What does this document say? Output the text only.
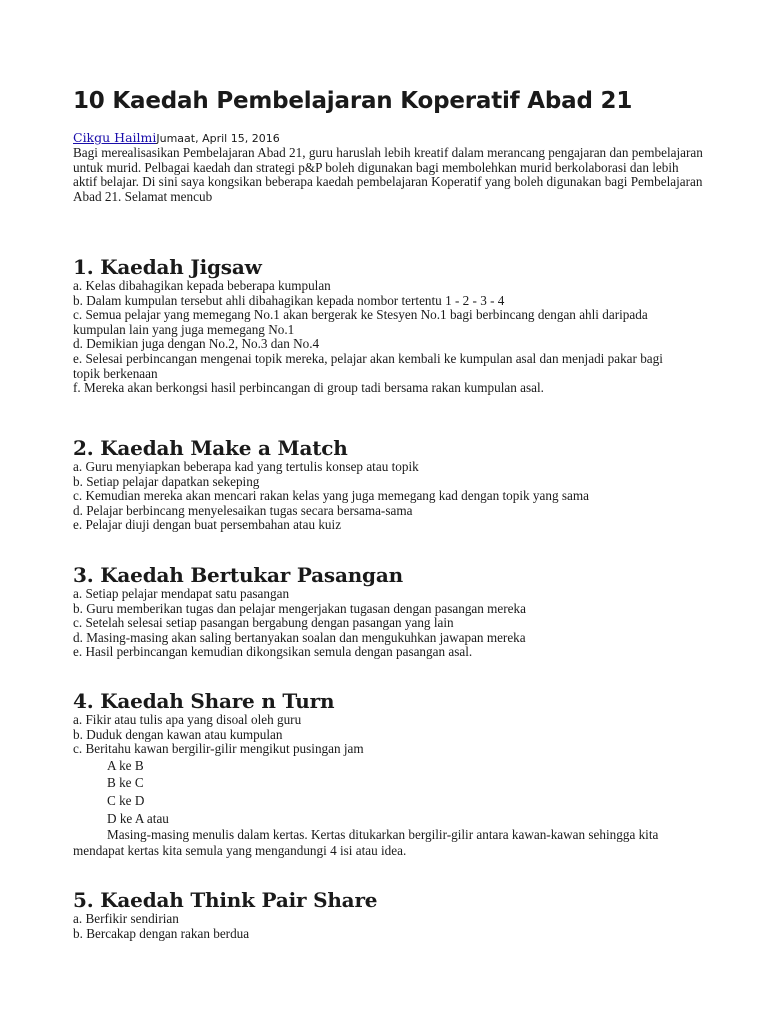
10 Kaedah Pembelajaran Koperatif Abad 21
Cikgu HailmiJumaat, April 15, 2016
Bagi merealisasikan Pembelajaran Abad 21, guru haruslah lebih kreatif dalam merancang pengajaran dan pembelajaran untuk murid. Pelbagai kaedah dan strategi p&P boleh digunakan bagi membolehkan murid berkolaborasi dan lebih aktif belajar. Di sini saya kongsikan beberapa kaedah pembelajaran Koperatif yang boleh digunakan bagi Pembelajaran Abad 21. Selamat mencub
1. Kaedah Jigsaw
a. Kelas dibahagikan kepada beberapa kumpulan
b. Dalam kumpulan tersebut ahli dibahagikan kepada nombor tertentu 1 - 2 - 3 - 4
c. Semua pelajar yang memegang No.1 akan bergerak ke Stesyen No.1 bagi berbincang dengan ahli daripada kumpulan lain yang juga memegang No.1
d. Demikian juga dengan No.2, No.3 dan No.4
e. Selesai perbincangan mengenai topik mereka, pelajar akan kembali ke kumpulan asal dan menjadi pakar bagi topik berkenaan
f. Mereka akan berkongsi hasil perbincangan di group tadi bersama rakan kumpulan asal.
2. Kaedah Make a Match
a. Guru menyiapkan beberapa kad yang tertulis konsep atau topik
b. Setiap pelajar dapatkan sekeping
c. Kemudian mereka akan mencari rakan kelas yang juga memegang kad dengan topik yang sama
d. Pelajar berbincang menyelesaikan tugas secara bersama-sama
e. Pelajar diuji dengan buat persembahan atau kuiz
3. Kaedah Bertukar Pasangan
a. Setiap pelajar mendapat satu pasangan
b. Guru memberikan tugas dan pelajar mengerjakan tugasan dengan pasangan mereka
c. Setelah selesai setiap pasangan bergabung dengan pasangan yang lain
d. Masing-masing akan saling bertanyakan soalan dan mengukuhkan jawapan mereka
e. Hasil perbincangan kemudian dikongsikan semula dengan pasangan asal.
4. Kaedah Share n Turn
a. Fikir atau tulis apa yang disoal oleh guru
b. Duduk dengan kawan atau kumpulan
c. Beritahu kawan bergilir-gilir mengikut pusingan jam
A ke B
B ke C
C ke D
D ke A atau
Masing-masing menulis dalam kertas. Kertas ditukarkan bergilir-gilir antara kawan-kawan sehingga kita mendapat kertas kita semula yang mengandungi 4 isi atau idea.
5. Kaedah Think Pair Share
a. Berfikir sendirian
b. Bercakap dengan rakan berdua
